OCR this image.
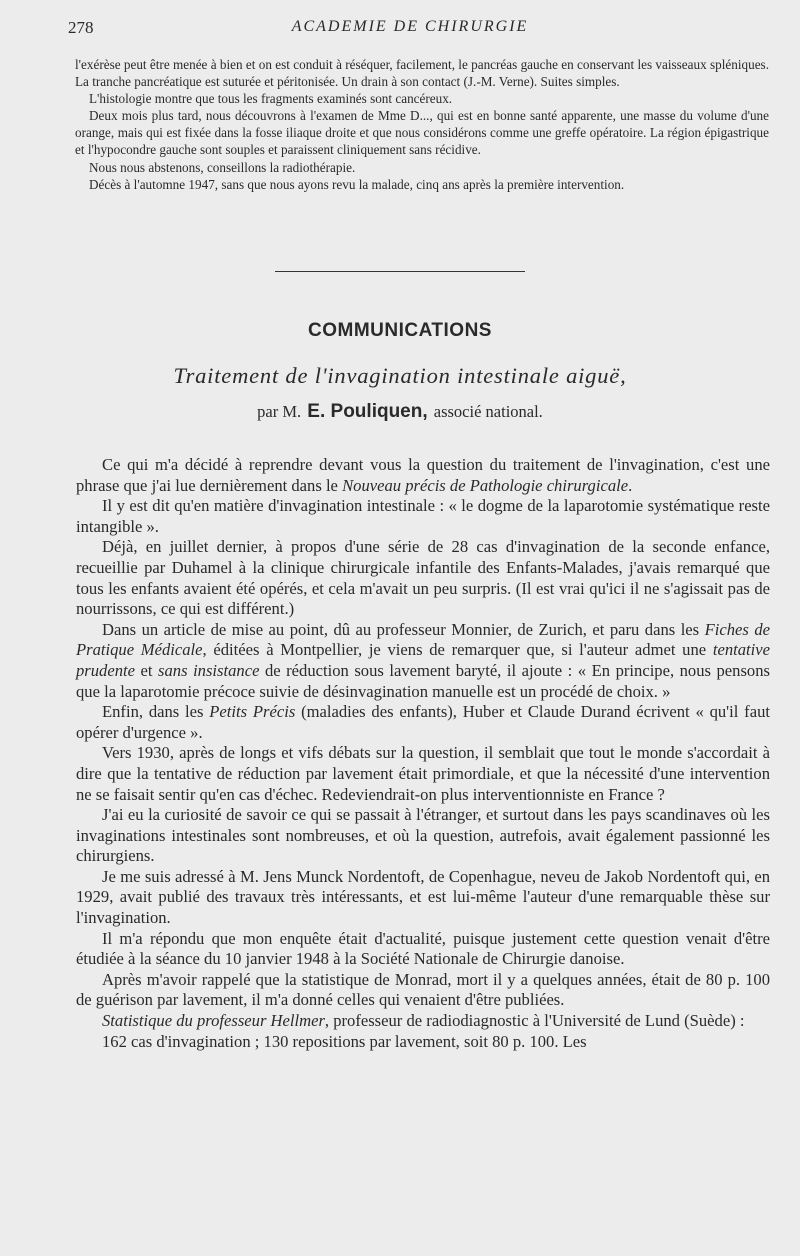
278	ACADEMIE DE CHIRURGIE

l'exérèse peut être menée à bien et on est conduit à réséquer, facilement, le pancréas gauche en conservant les vaisseaux spléniques. La tranche pancréatique est suturée et péritonisée. Un drain à son contact (J.-M. Verne). Suites simples.

L'histologie montre que tous les fragments examinés sont cancéreux.

Deux mois plus tard, nous découvrons à l'examen de Mme D..., qui est en bonne santé apparente, une masse du volume d'une orange, mais qui est fixée dans la fosse iliaque droite et que nous considérons comme une greffe opératoire. La région épigastrique et l'hypocondre gauche sont souples et paraissent cliniquement sans récidive.

Nous nous abstenons, conseillons la radiothérapie.

Décès à l'automne 1947, sans que nous ayons revu la malade, cinq ans après la première intervention.

COMMUNICATIONS
Traitement de l'invagination intestinale aiguë,
par M. E. Pouliquen, associé national.

Ce qui m'a décidé à reprendre devant vous la question du traitement de l'invagination, c'est une phrase que j'ai lue dernièrement dans le Nouveau précis de Pathologie chirurgicale.

Il y est dit qu'en matière d'invagination intestinale : « le dogme de la laparotomie systématique reste intangible ».

Déjà, en juillet dernier, à propos d'une série de 28 cas d'invagination de la seconde enfance, recueillie par Duhamel à la clinique chirurgicale infantile des Enfants-Malades, j'avais remarqué que tous les enfants avaient été opérés, et cela m'avait un peu surpris. (Il est vrai qu'ici il ne s'agissait pas de nourrissons, ce qui est différent.)

Dans un article de mise au point, dû au professeur Monnier, de Zurich, et paru dans les Fiches de Pratique Médicale, éditées à Montpellier, je viens de remarquer que, si l'auteur admet une tentative prudente et sans insistance de réduction sous lavement baryté, il ajoute : « En principe, nous pensons que la laparotomie précoce suivie de désinvagination manuelle est un procédé de choix. »

Enfin, dans les Petits Précis (maladies des enfants), Huber et Claude Durand écrivent « qu'il faut opérer d'urgence ».

Vers 1930, après de longs et vifs débats sur la question, il semblait que tout le monde s'accordait à dire que la tentative de réduction par lavement était primordiale, et que la nécessité d'une intervention ne se faisait sentir qu'en cas d'échec. Redeviendrait-on plus interventionniste en France ?

J'ai eu la curiosité de savoir ce qui se passait à l'étranger, et surtout dans les pays scandinaves où les invaginations intestinales sont nombreuses, et où la question, autrefois, avait également passionné les chirurgiens.

Je me suis adressé à M. Jens Munck Nordentoft, de Copenhague, neveu de Jakob Nordentoft qui, en 1929, avait publié des travaux très intéressants, et est lui-même l'auteur d'une remarquable thèse sur l'invagination.

Il m'a répondu que mon enquête était d'actualité, puisque justement cette question venait d'être étudiée à la séance du 10 janvier 1948 à la Société Nationale de Chirurgie danoise.

Après m'avoir rappelé que la statistique de Monrad, mort il y a quelques années, était de 80 p. 100 de guérison par lavement, il m'a donné celles qui venaient d'être publiées.

Statistique du professeur Hellmer, professeur de radiodiagnostic à l'Université de Lund (Suède) :

162 cas d'invagination ; 130 repositions par lavement, soit 80 p. 100. Les
